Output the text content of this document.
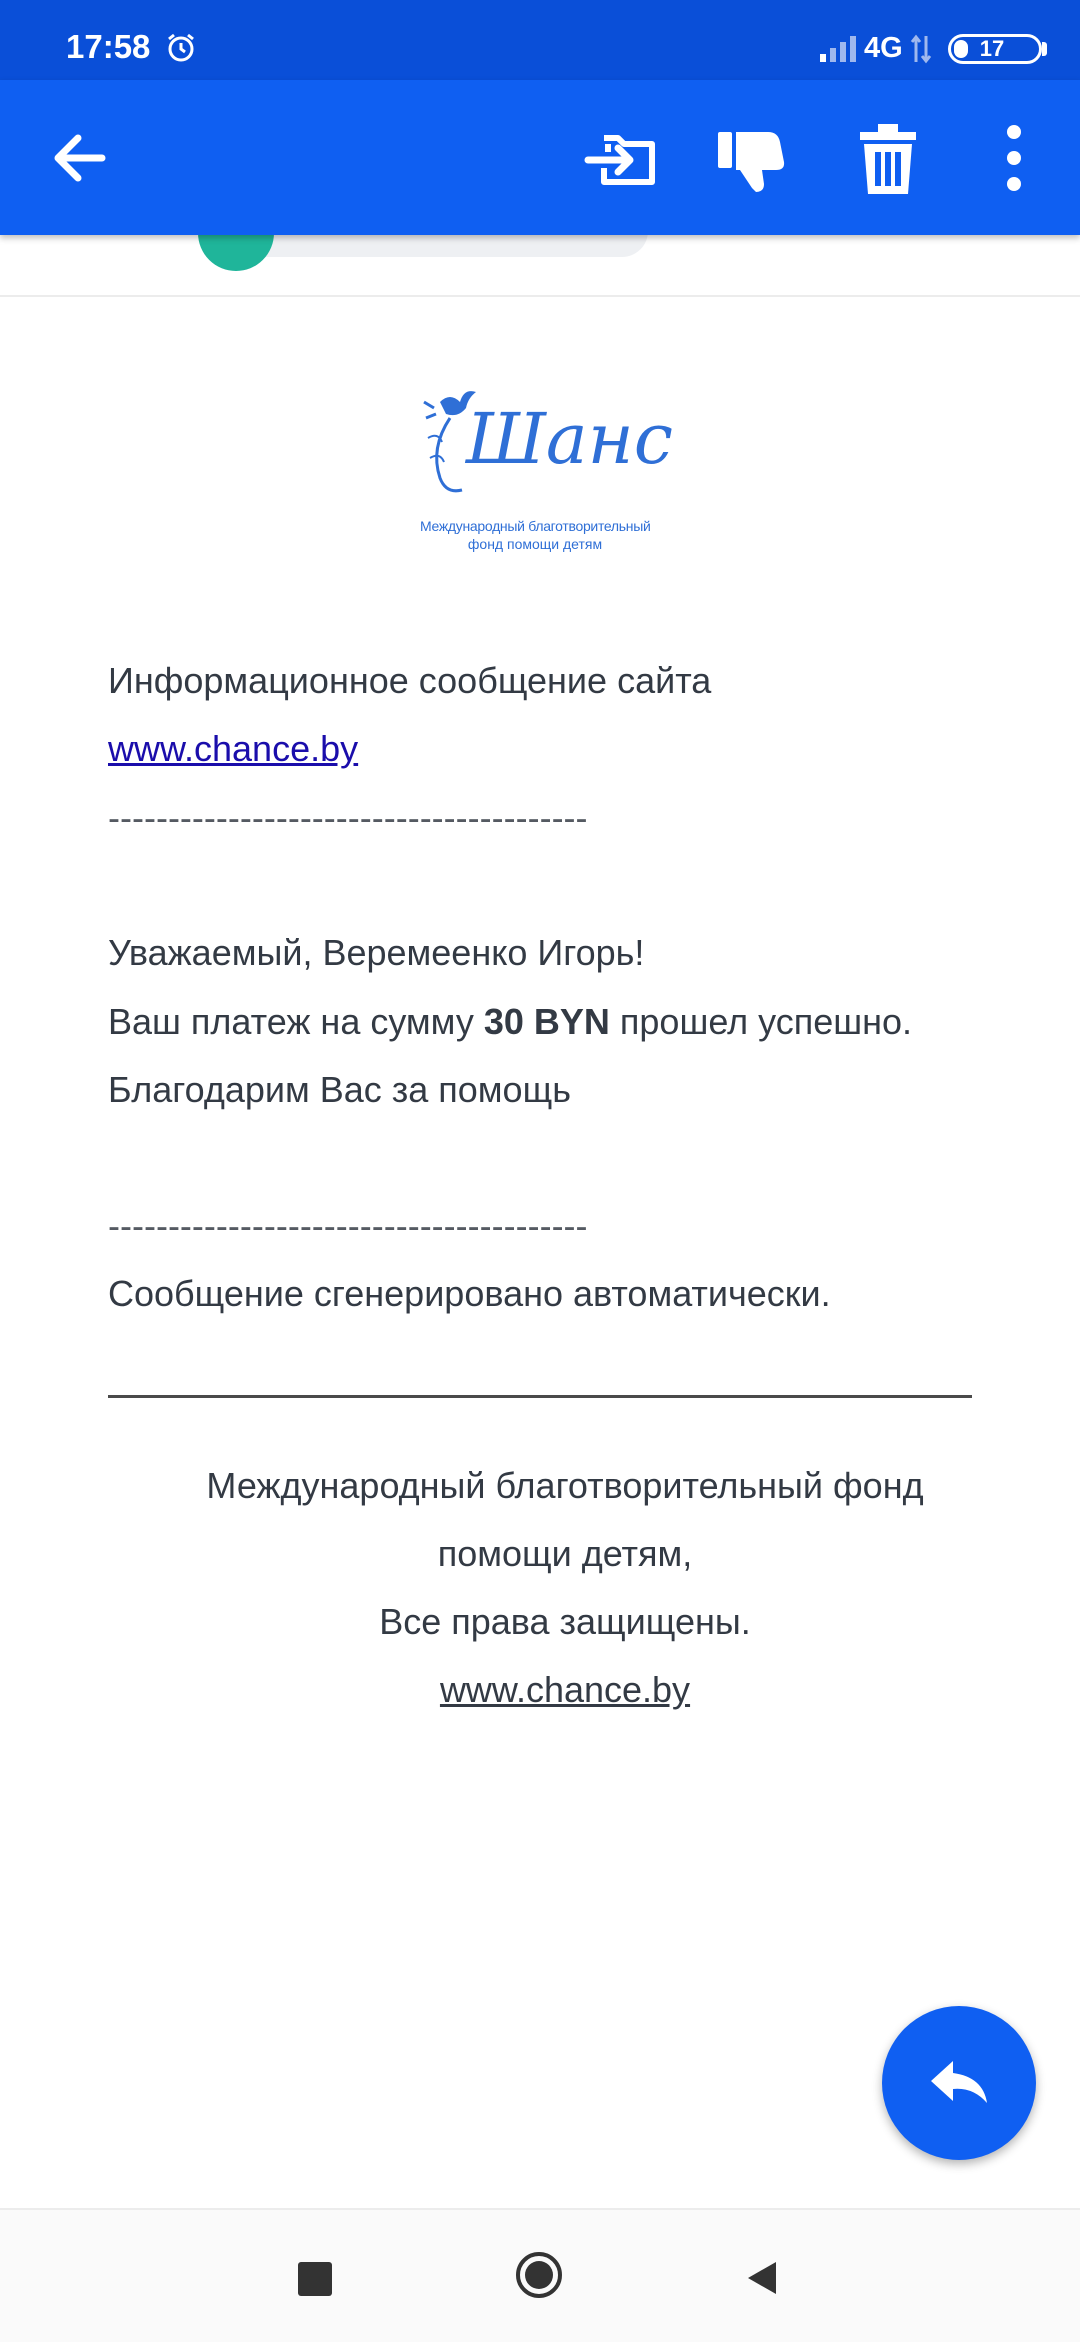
17:58	4G	17
Шанс
Международный благотворительный
фонд помощи детям

Информационное сообщение сайта

www.chance.by

----------------------------------------

Уважаемый, Веремеенко Игорь!

Ваш платеж на сумму 30 BYN прошел успешно.

Благодарим Вас за помощь

----------------------------------------

Сообщение сгенерировано автоматически.

Международный благотворительный фонд

помощи детям,

Все права защищены.

www.chance.by
